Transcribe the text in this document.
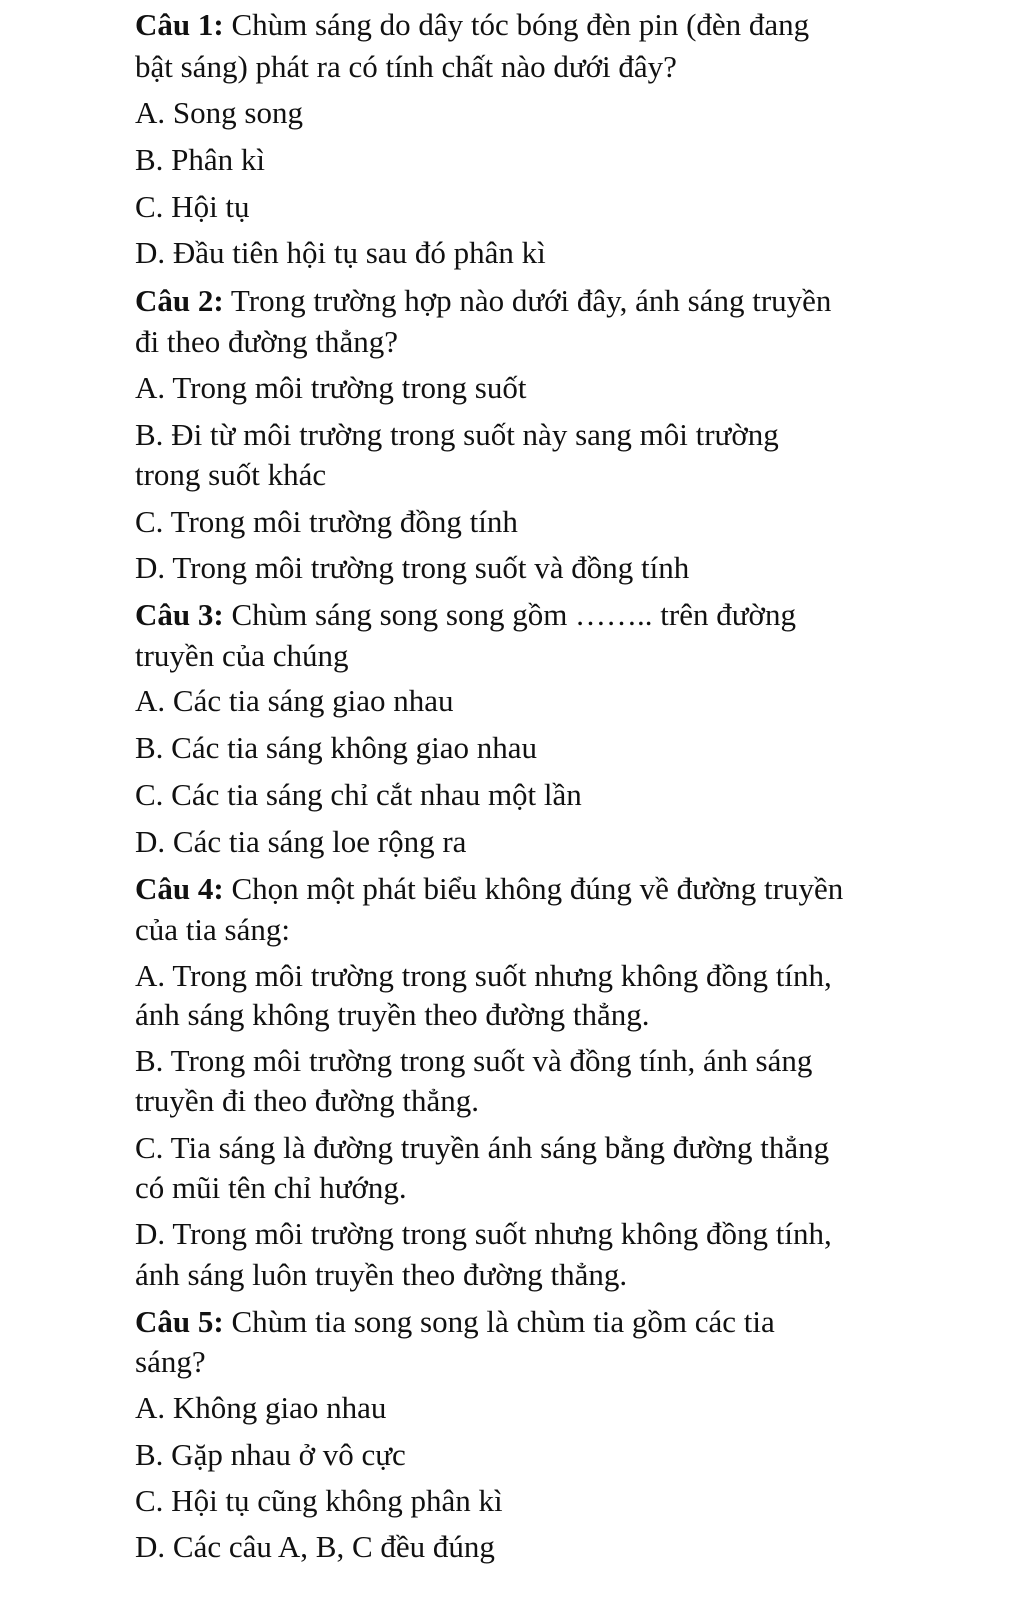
Câu 1: Chùm sáng do dây tóc bóng đèn pin (đèn đang
bật sáng) phát ra có tính chất nào dưới đây?
A. Song song
B. Phân kì
C. Hội tụ
D. Đầu tiên hội tụ sau đó phân kì
Câu 2: Trong trường hợp nào dưới đây, ánh sáng truyền
đi theo đường thẳng?
A. Trong môi trường trong suốt
B. Đi từ môi trường trong suốt này sang môi trường
trong suốt khác
C. Trong môi trường đồng tính
D. Trong môi trường trong suốt và đồng tính
Câu 3: Chùm sáng song song gồm …….. trên đường
truyền của chúng
A. Các tia sáng giao nhau
B. Các tia sáng không giao nhau
C. Các tia sáng chỉ cắt nhau một lần
D. Các tia sáng loe rộng ra
Câu 4: Chọn một phát biểu không đúng về đường truyền
của tia sáng:
A. Trong môi trường trong suốt nhưng không đồng tính,
ánh sáng không truyền theo đường thẳng.
B. Trong môi trường trong suốt và đồng tính, ánh sáng
truyền đi theo đường thẳng.
C. Tia sáng là đường truyền ánh sáng bằng đường thẳng
có mũi tên chỉ hướng.
D. Trong môi trường trong suốt nhưng không đồng tính,
ánh sáng luôn truyền theo đường thẳng.
Câu 5: Chùm tia song song là chùm tia gồm các tia
sáng?
A. Không giao nhau
B. Gặp nhau ở vô cực
C. Hội tụ cũng không phân kì
D. Các câu A, B, C đều đúng
